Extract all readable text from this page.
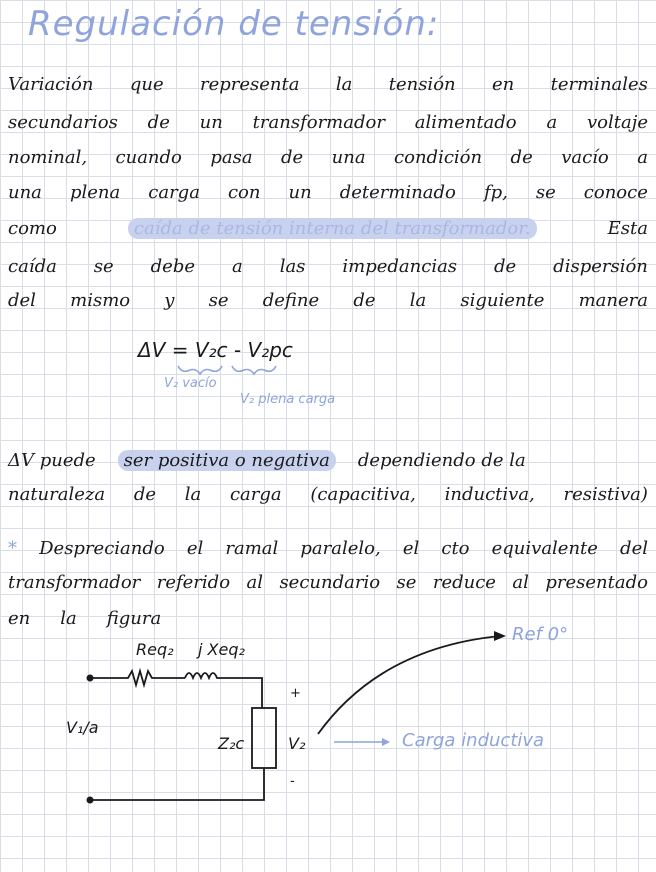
Regulación de tensión:
Variación que representa la tensión en terminales
secundarios de un transformador alimentado a voltaje
nominal, cuando pasa de una condición de vacío a
una plena carga con un determinado fp, se conoce
como	caída de tensión interna del transformador.	Esta
caída se debe a las impedancias de dispersión
del mismo y se define de la siguiente manera
ΔV = V₂c - V₂pc
V₂ vacío
V₂ plena carga
ΔV puede	ser positiva o negativa	dependiendo de la
naturaleza de la carga (capacitiva, inductiva, resistiva)
* Despreciando el ramal paralelo, el cto equivalente del
transformador referido al secundario se reduce al presentado
en la figura
Req₂ j Xeq₂
V₁/a
Z₂c	V₂
+
-
Ref 0°
Carga inductiva
